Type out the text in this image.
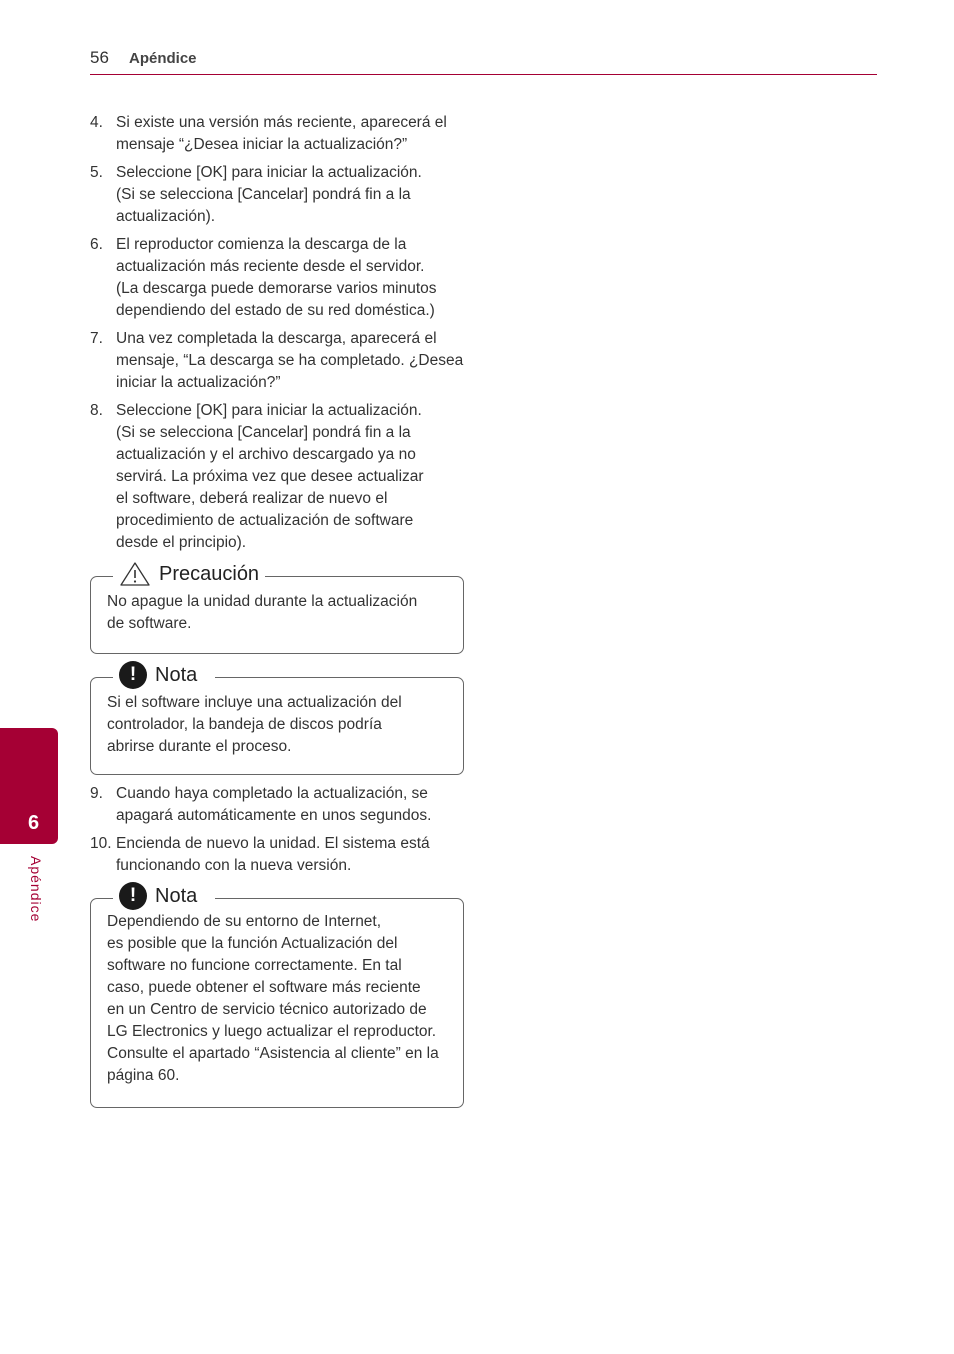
56 Apéndice
6
Apéndice
4. Si existe una versión más reciente, aparecerá el
mensaje “¿Desea iniciar la actualización?”
5. Seleccione [OK] para iniciar la actualización.
(Si se selecciona [Cancelar] pondrá fin a la
actualización).
6. El reproductor comienza la descarga de la
actualización más reciente desde el servidor.
(La descarga puede demorarse varios minutos
dependiendo del estado de su red doméstica.)
7. Una vez completada la descarga, aparecerá el
mensaje, “La descarga se ha completado. ¿Desea
iniciar la actualización?”
8. Seleccione [OK] para iniciar la actualización.
(Si se selecciona [Cancelar] pondrá fin a la
actualización y el archivo descargado ya no
servirá. La próxima vez que desee actualizar
el software, deberá realizar de nuevo el
procedimiento de actualización de software
desde el principio).
9. Cuando haya completado la actualización, se
apagará automáticamente en unos segundos.
10. Encienda de nuevo la unidad. El sistema está
funcionando con la nueva versión.
Precaución
No apague la unidad durante la actualización
de software.
! Nota
Si el software incluye una actualización del
controlador, la bandeja de discos podría
abrirse durante el proceso.
! Nota
Dependiendo de su entorno de Internet,
es posible que la función Actualización del
software no funcione correctamente. En tal
caso, puede obtener el software más reciente
en un Centro de servicio técnico autorizado de
LG Electronics y luego actualizar el reproductor.
Consulte el apartado “Asistencia al cliente” en la
página 60.
